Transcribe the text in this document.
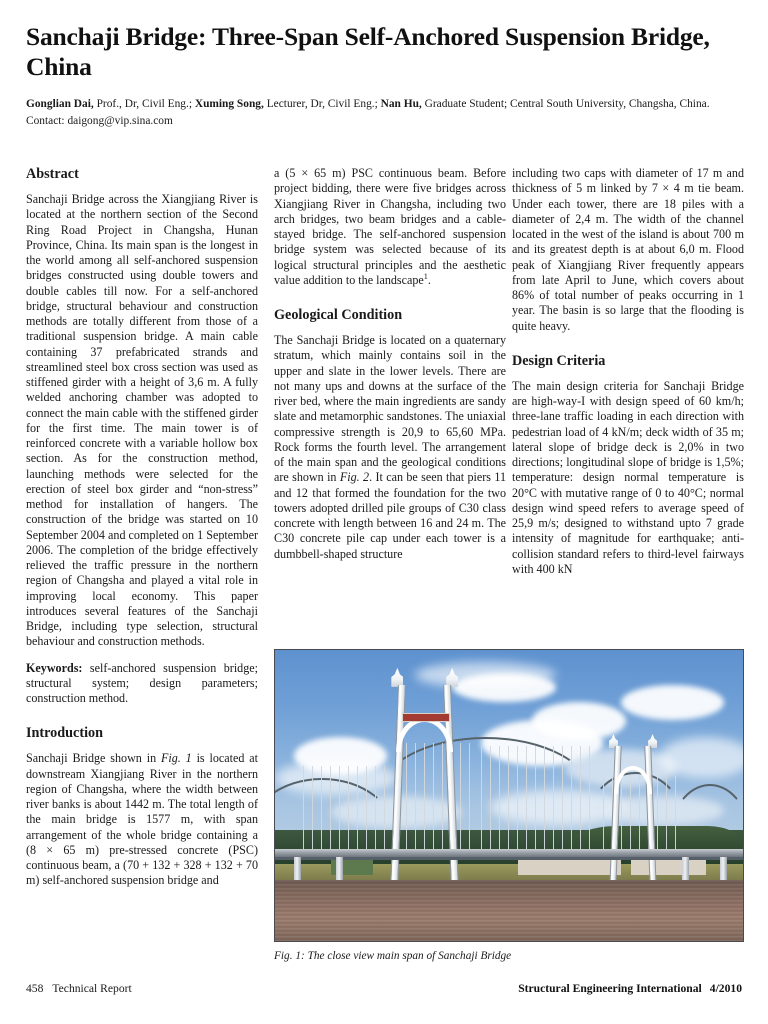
Sanchaji Bridge: Three-Span Self-Anchored Suspension Bridge, China
Gonglian Dai, Prof., Dr, Civil Eng.; Xuming Song, Lecturer, Dr, Civil Eng.; Nan Hu, Graduate Student; Central South University, Changsha, China. Contact: daigong@vip.sina.com
Abstract

Sanchaji Bridge across the Xiangjiang River is located at the northern section of the Second Ring Road Project in Changsha, Hunan Province, China. Its main span is the longest in the world among all self-anchored suspension bridges constructed using double towers and double cables till now. For a self-anchored bridge, structural behaviour and construction methods are totally different from those of a traditional suspension bridge. A main cable containing 37 prefabricated strands and streamlined steel box cross section was used as stiffened girder with a height of 3,6 m. A fully welded anchoring chamber was adopted to connect the main cable with the stiffened girder for the first time. The main tower is of reinforced concrete with a variable hollow box section. As for the construction method, launching methods were selected for the erection of steel box girder and “non-stress” method for installation of hangers. The construction of the bridge was started on 10 September 2004 and completed on 1 September 2006. The completion of the bridge effectively relieved the traffic pressure in the northern region of Changsha and played a vital role in improving local economy. This paper introduces several features of the Sanchaji Bridge, including type selection, structural behaviour and construction methods.

Keywords: self-anchored suspension bridge; structural system; design parameters; construction method.

Introduction

Sanchaji Bridge shown in Fig. 1 is located at downstream Xiangjiang River in the northern region of Changsha, where the width between river banks is about 1442 m. The total length of the main bridge is 1577 m, with span arrangement of the whole bridge containing a (8 × 65 m) pre-stressed concrete (PSC) continuous beam, a (70 + 132 + 328 + 132 + 70 m) self-anchored suspension bridge and

a (5 × 65 m) PSC continuous beam. Before project bidding, there were five bridges across Xiangjiang River in Changsha, including two arch bridges, two beam bridges and a cable-stayed bridge. The self-anchored suspension bridge system was selected because of its logical structural principles and the aesthetic value addition to the landscape$^1$.

Geological Condition

The Sanchaji Bridge is located on a quaternary stratum, which mainly contains soil in the upper and slate in the lower levels. There are not many ups and downs at the surface of the river bed, where the main ingredients are sandy slate and metamorphic sandstones. The uniaxial compressive strength is 20,9 to 65,60 MPa. Rock forms the fourth level. The arrangement of the main span and the geological conditions are shown in Fig. 2. It can be seen that piers 11 and 12 that formed the foundation for the two towers adopted drilled pile groups of C30 class concrete with length between 16 and 24 m. The C30 concrete pile cap under each tower is a dumbbell-shaped structure

including two caps with diameter of 17 m and thickness of 5 m linked by 7 × 4 m tie beam. Under each tower, there are 18 piles with a diameter of 2,4 m. The width of the channel located in the west of the island is about 700 m and its greatest depth is at about 6,0 m. Flood peak of Xiangjiang River frequently appears from late April to June, which covers about 86% of total number of peaks occurring in 1 year. The basin is so large that the flooding is quite heavy.

Design Criteria

The main design criteria for Sanchaji Bridge are high-way-I with design speed of 60 km/h; three-lane traffic loading in each direction with pedestrian load of 4 kN/m; deck width of 35 m; lateral slope of bridge deck is 2,0% in two directions; longitudinal slope of bridge is 1,5%; temperature: design normal temperature is 20°C with mutative range of 0 to 40°C; normal design wind speed refers to average speed of 25,9 m/s; designed to withstand upto 7 grade intensity of magnitude for earthquake; anti-collision standard refers to third-level fairways with 400 kN

Fig. 1: The close view main span of Sanchaji Bridge
458 Technical Report	Structural Engineering International 4/2010
